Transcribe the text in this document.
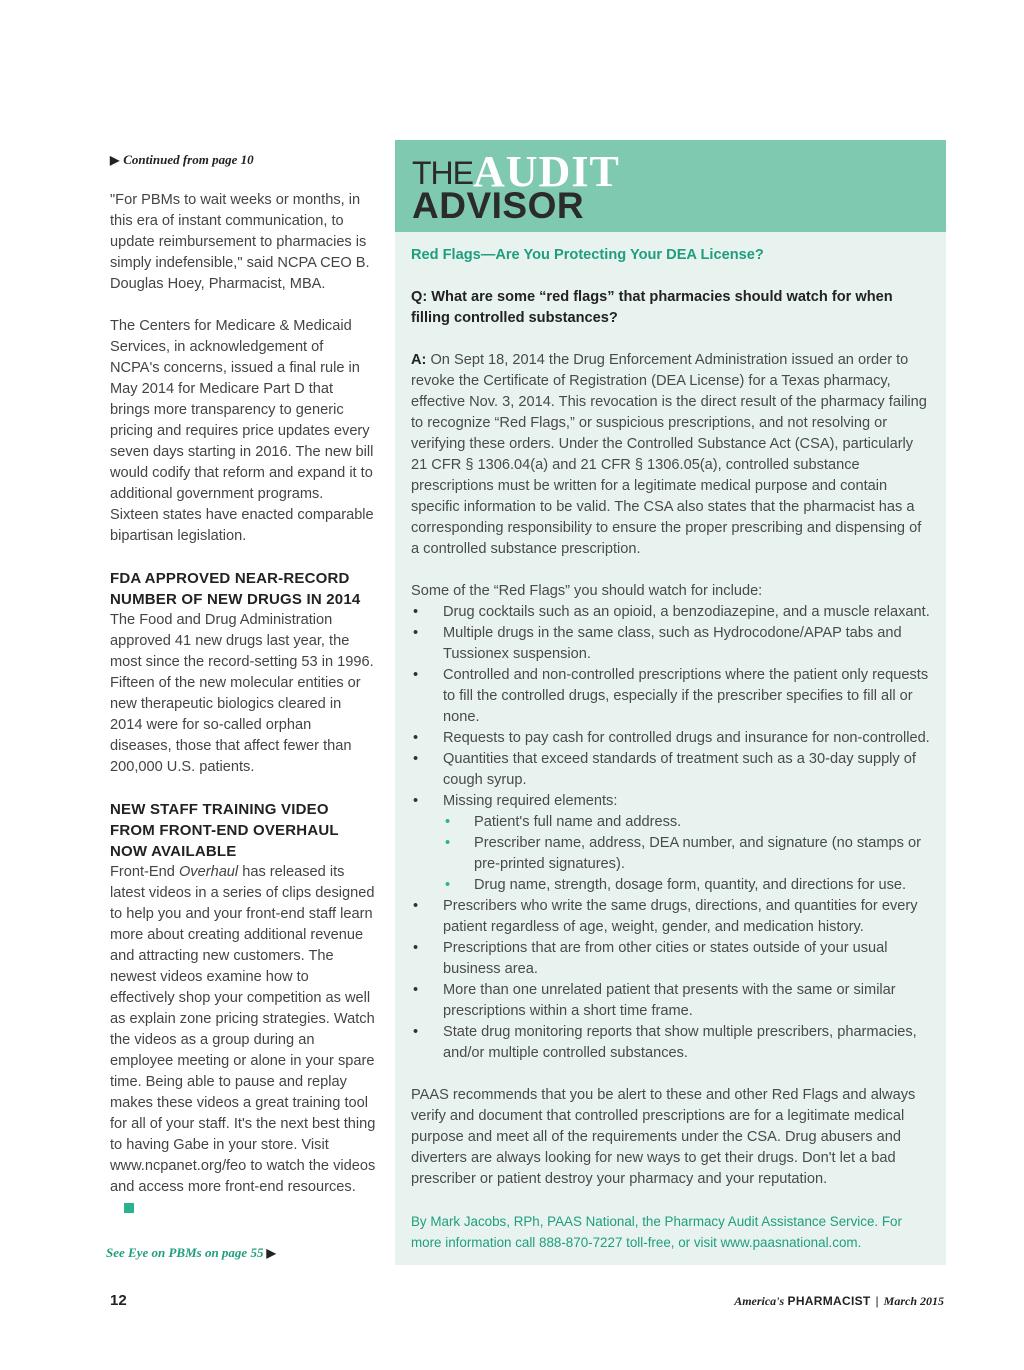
▶ Continued from page 10

"For PBMs to wait weeks or months, in this era of instant communication, to update reimbursement to pharmacies is simply indefensible," said NCPA CEO B. Douglas Hoey, Pharmacist, MBA.

The Centers for Medicare & Medicaid Services, in acknowledgement of NCPA's concerns, issued a final rule in May 2014 for Medicare Part D that brings more transparency to generic pricing and requires price updates every seven days starting in 2016. The new bill would codify that reform and expand it to additional government programs. Sixteen states have enacted comparable bipartisan legislation.

FDA APPROVED NEAR-RECORD NUMBER OF NEW DRUGS IN 2014

The Food and Drug Administration approved 41 new drugs last year, the most since the record-setting 53 in 1996. Fifteen of the new molecular entities or new therapeutic biologics cleared in 2014 were for so-called orphan diseases, those that affect fewer than 200,000 U.S. patients.

NEW STAFF TRAINING VIDEO FROM FRONT-END OVERHAUL NOW AVAILABLE

Front-End Overhaul has released its latest videos in a series of clips designed to help you and your front-end staff learn more about creating additional revenue and attracting new customers. The newest videos examine how to effectively shop your competition as well as explain zone pricing strategies. Watch the videos as a group during an employee meeting or alone in your spare time. Being able to pause and replay makes these videos a great training tool for all of your staff. It's the next best thing to having Gabe in your store. Visit www.ncpanet.org/feo to watch the videos and access more front-end resources.

See Eye on PBMs on page 55 ▶
THE AUDIT
ADVISOR

Red Flags—Are You Protecting Your DEA License?

Q: What are some “red flags” that pharmacies should watch for when filling controlled substances?

A: On Sept 18, 2014 the Drug Enforcement Administration issued an order to revoke the Certificate of Registration (DEA License) for a Texas pharmacy, effective Nov. 3, 2014. This revocation is the direct result of the pharmacy failing to recognize “Red Flags,” or suspicious prescriptions, and not resolving or verifying these orders. Under the Controlled Substance Act (CSA), particularly 21 CFR § 1306.04(a) and 21 CFR § 1306.05(a), controlled substance prescriptions must be written for a legitimate medical purpose and contain specific information to be valid. The CSA also states that the pharmacist has a corresponding responsibility to ensure the proper prescribing and dispensing of a controlled substance prescription.

Some of the “Red Flags” you should watch for include:

• Drug cocktails such as an opioid, a benzodiazepine, and a muscle relaxant.
• Multiple drugs in the same class, such as Hydrocodone/APAP tabs and Tussionex suspension.
• Controlled and non-controlled prescriptions where the patient only requests to fill the controlled drugs, especially if the prescriber specifies to fill all or none.
• Requests to pay cash for controlled drugs and insurance for non-controlled.
• Quantities that exceed standards of treatment such as a 30-day supply of cough syrup.
• Missing required elements:
• Patient's full name and address.
• Prescriber name, address, DEA number, and signature (no stamps or pre-printed signatures).
• Drug name, strength, dosage form, quantity, and directions for use.
• Prescribers who write the same drugs, directions, and quantities for every patient regardless of age, weight, gender, and medication history.
• Prescriptions that are from other cities or states outside of your usual business area.
• More than one unrelated patient that presents with the same or similar prescriptions within a short time frame.
• State drug monitoring reports that show multiple prescribers, pharmacies, and/or multiple controlled substances.

PAAS recommends that you be alert to these and other Red Flags and always verify and document that controlled prescriptions are for a legitimate medical purpose and meet all of the requirements under the CSA. Drug abusers and diverters are always looking for new ways to get their drugs. Don't let a bad prescriber or patient destroy your pharmacy and your reputation.

By Mark Jacobs, RPh, PAAS National, the Pharmacy Audit Assistance Service. For more information call 888-870-7227 toll-free, or visit www.paasnational.com.

12	America's PHARMACIST | March 2015
